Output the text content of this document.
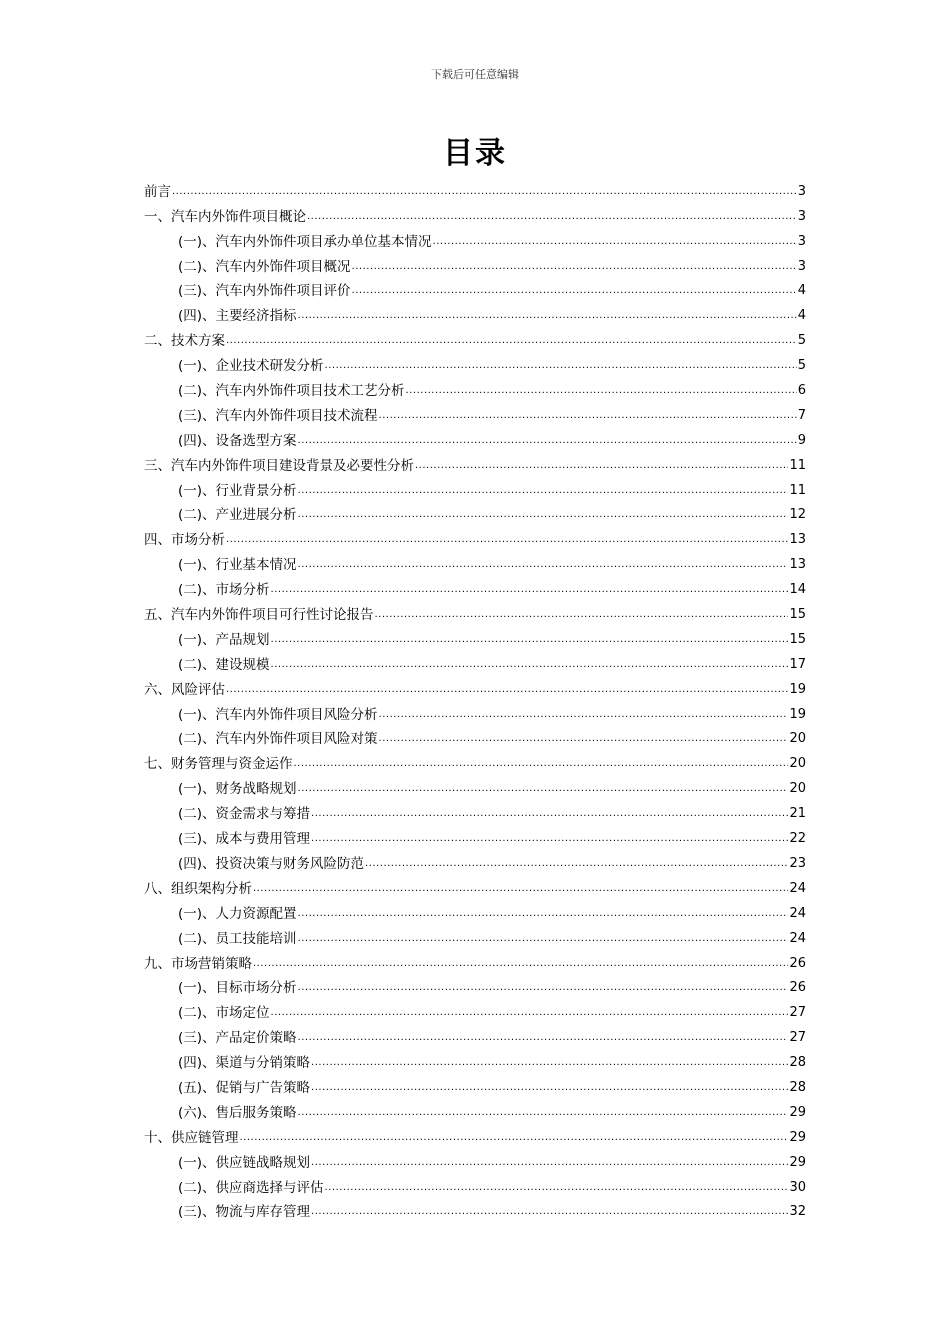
下载后可任意编辑
目录
前言 .....	3
一、汽车内外饰件项目概论 .....	3
(一)、汽车内外饰件项目承办单位基本情况 .....	3
(二)、汽车内外饰件项目概况 .....	3
(三)、汽车内外饰件项目评价 .....	4
(四)、主要经济指标 .....	4
二、技术方案 .....	5
(一)、企业技术研发分析 .....	5
(二)、汽车内外饰件项目技术工艺分析 .....	6
(三)、汽车内外饰件项目技术流程 .....	7
(四)、设备选型方案 .....	9
三、汽车内外饰件项目建设背景及必要性分析 .....	11
(一)、行业背景分析 .....	11
(二)、产业进展分析 .....	12
四、市场分析 .....	13
(一)、行业基本情况 .....	13
(二)、市场分析 .....	14
五、汽车内外饰件项目可行性讨论报告 .....	15
(一)、产品规划 .....	15
(二)、建设规模 .....	17
六、风险评估 .....	19
(一)、汽车内外饰件项目风险分析 .....	19
(二)、汽车内外饰件项目风险对策 .....	20
七、财务管理与资金运作 .....	20
(一)、财务战略规划 .....	20
(二)、资金需求与筹措 .....	21
(三)、成本与费用管理 .....	22
(四)、投资决策与财务风险防范 .....	23
八、组织架构分析 .....	24
(一)、人力资源配置 .....	24
(二)、员工技能培训 .....	24
九、市场营销策略 .....	26
(一)、目标市场分析 .....	26
(二)、市场定位 .....	27
(三)、产品定价策略 .....	27
(四)、渠道与分销策略 .....	28
(五)、促销与广告策略 .....	28
(六)、售后服务策略 .....	29
十、供应链管理 .....	29
(一)、供应链战略规划 .....	29
(二)、供应商选择与评估 .....	30
(三)、物流与库存管理 .....	32
